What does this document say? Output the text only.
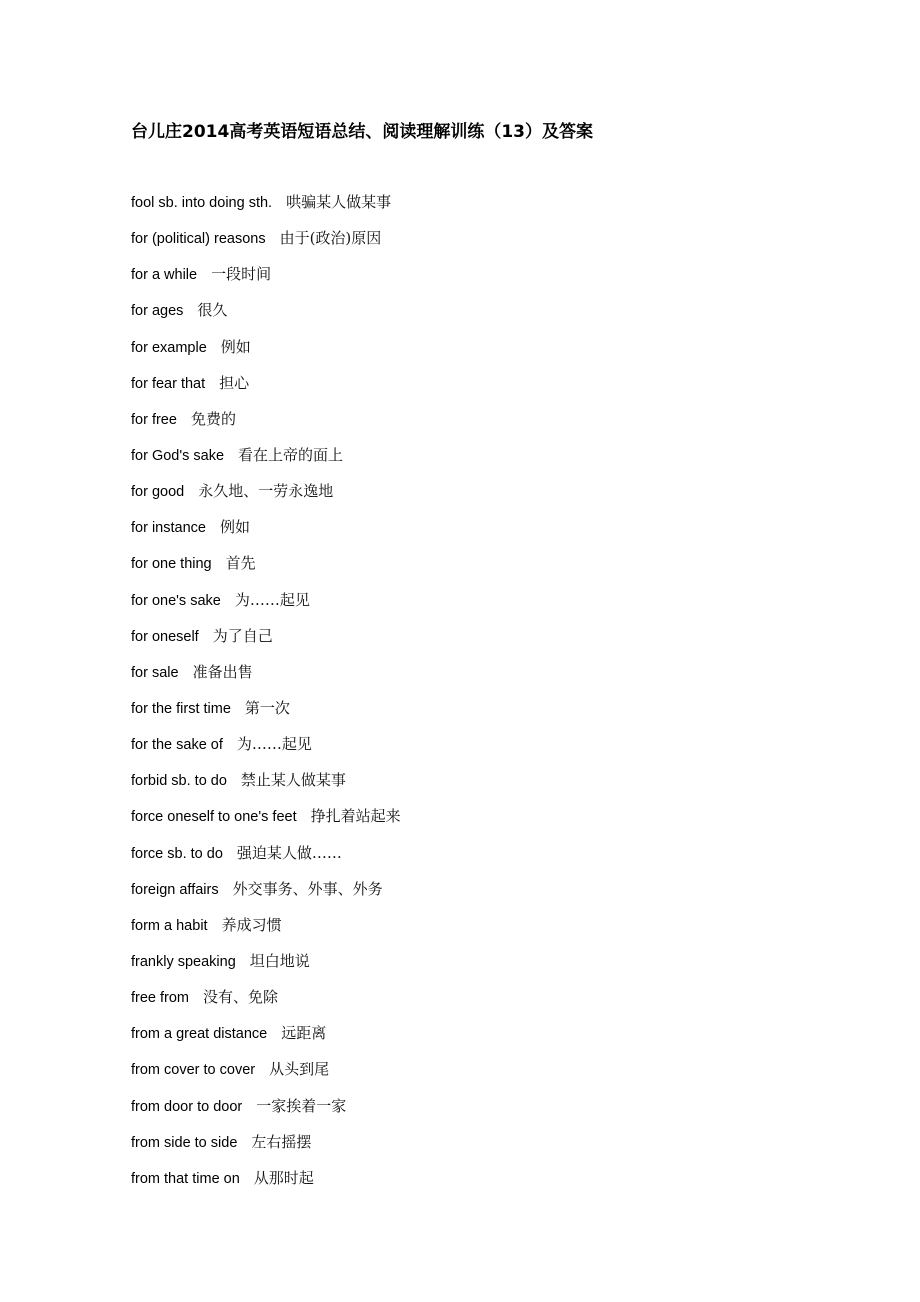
台儿庄2014高考英语短语总结、阅读理解训练（13）及答案
fool sb. into doing sth. 哄骗某人做某事
for (political) reasons 由于(政治)原因
for a while 一段时间
for ages 很久
for example 例如
for fear that 担心
for free 免费的
for God's sake 看在上帝的面上
for good 永久地、一劳永逸地
for instance 例如
for one thing 首先
for one's sake 为……起见
for oneself 为了自己
for sale 准备出售
for the first time 第一次
for the sake of 为……起见
forbid sb. to do 禁止某人做某事
force oneself to one's feet 挣扎着站起来
force sb. to do 强迫某人做……
foreign affairs 外交事务、外事、外务
form a habit 养成习惯
frankly speaking 坦白地说
free from 没有、免除
from a great distance 远距离
from cover to cover 从头到尾
from door to door 一家挨着一家
from side to side 左右摇摆
from that time on 从那时起
